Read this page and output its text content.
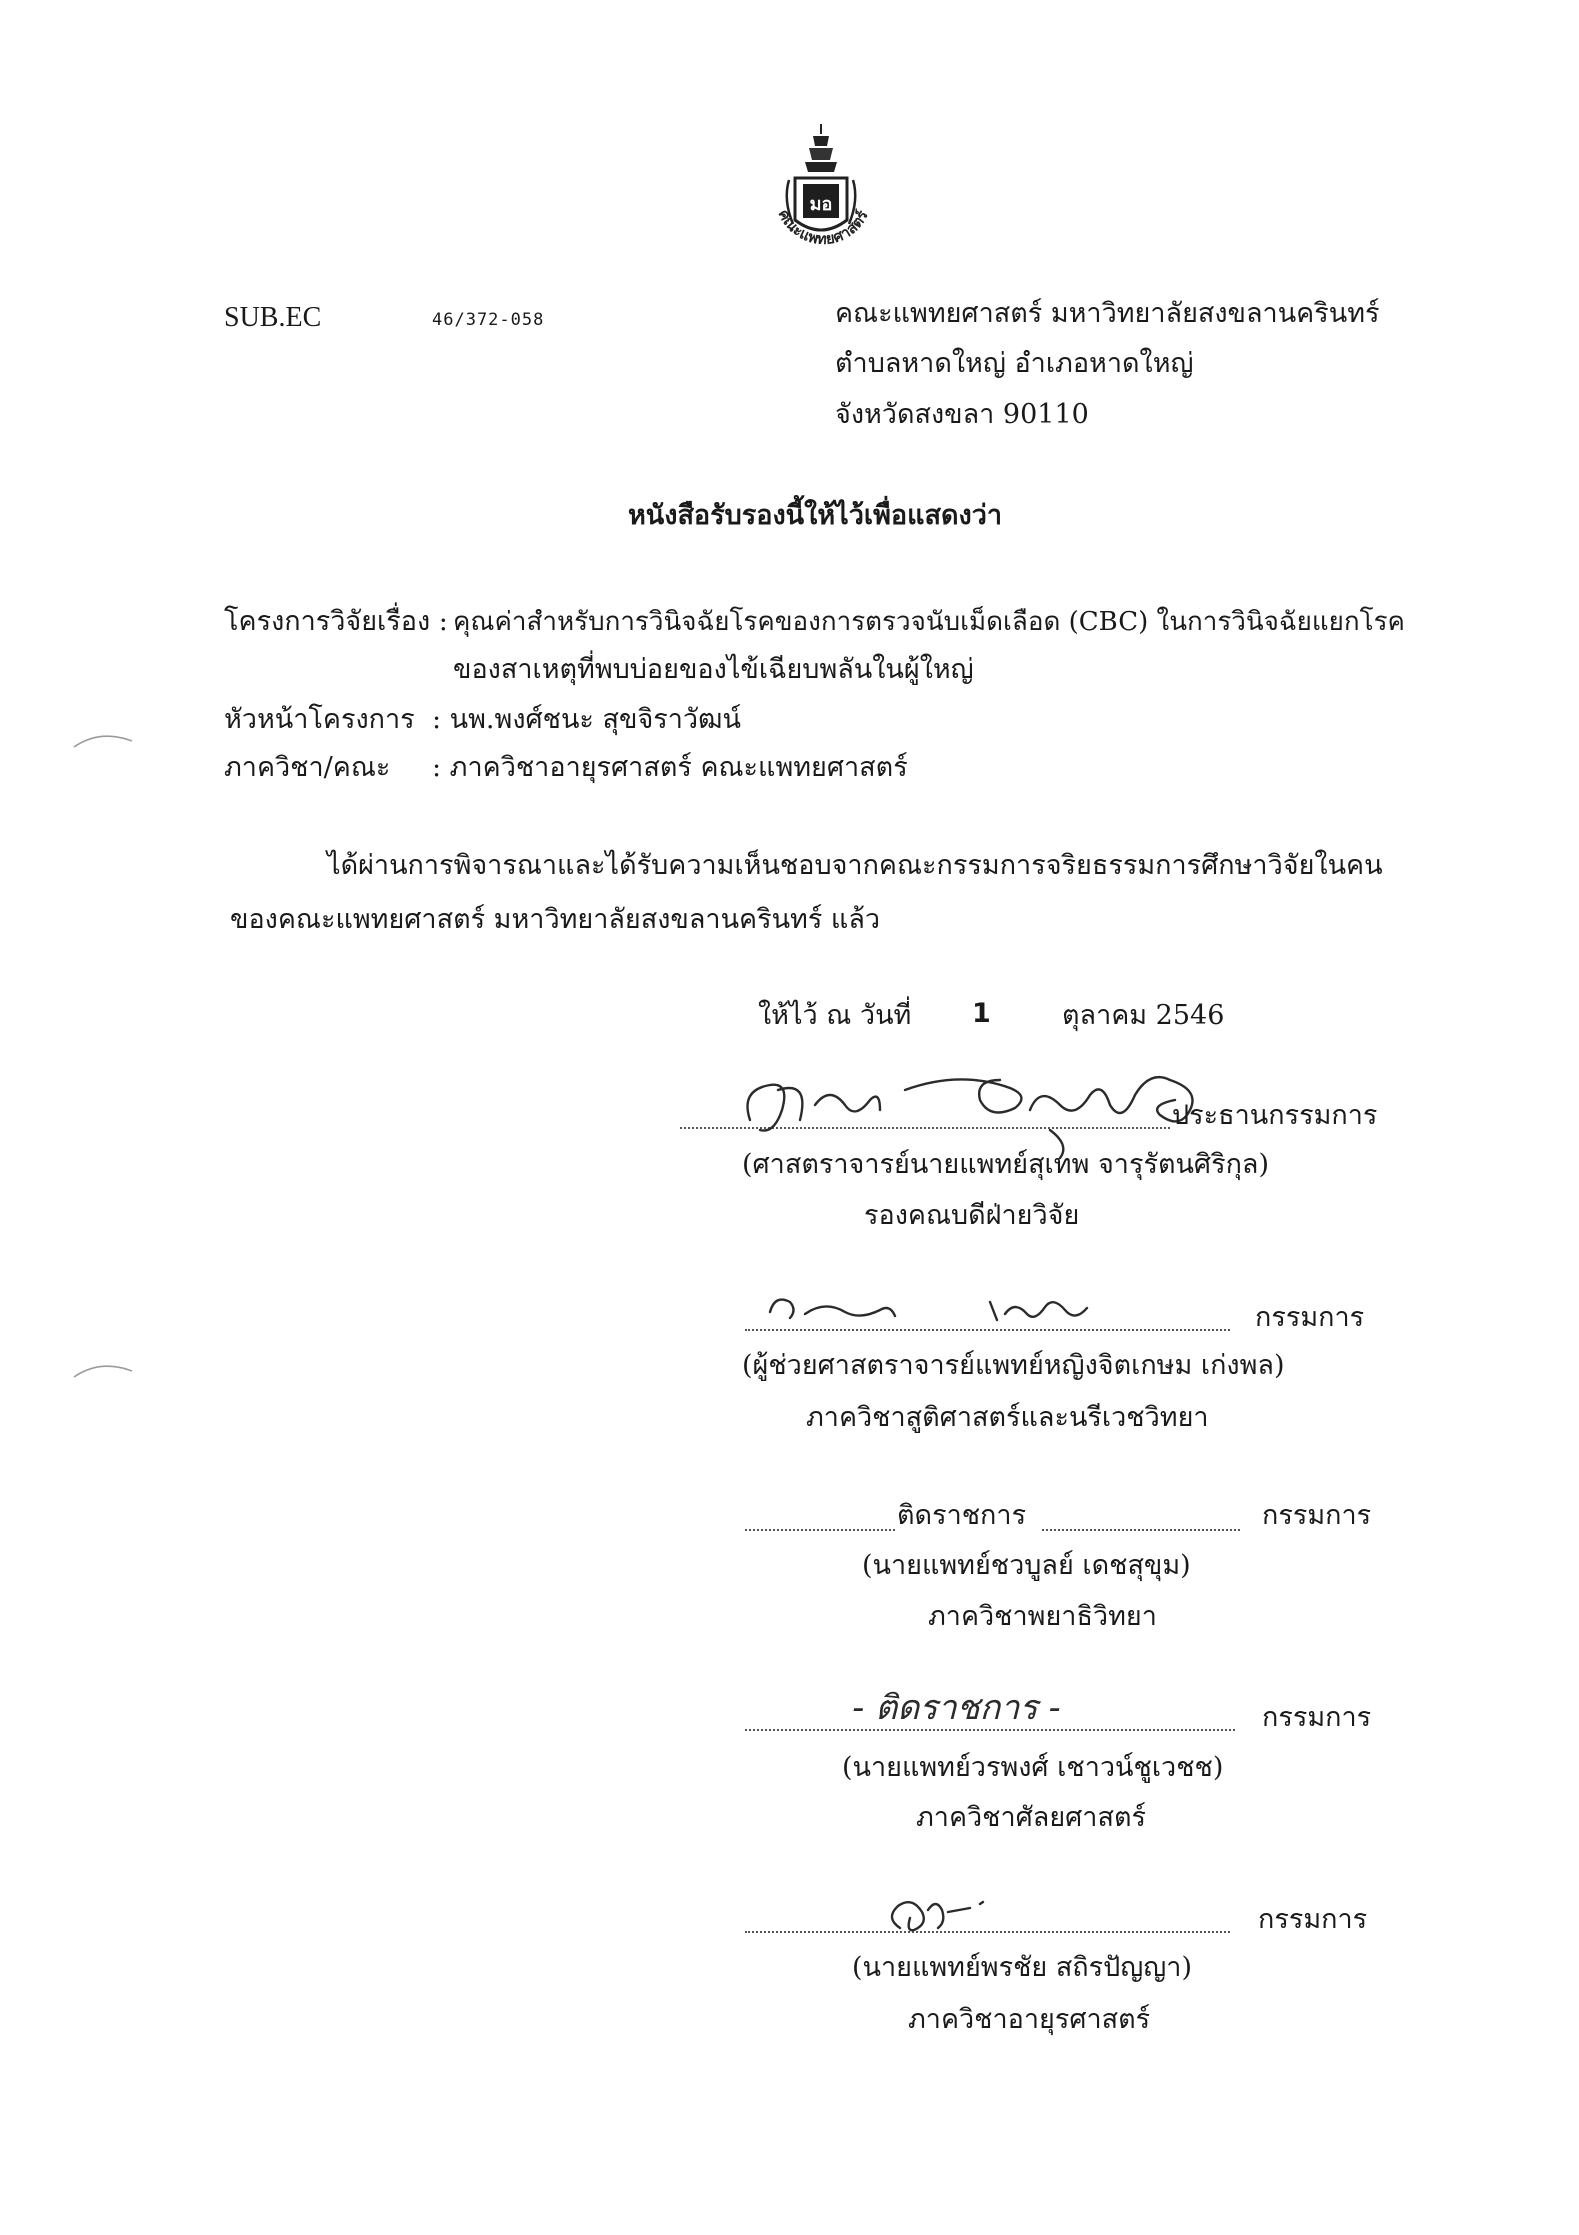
มอ
คณะแพทยศาสตร์
SUB.EC	46/372-058	คณะแพทยศาสตร์ มหาวิทยาลัยสงขลานครินทร์
ตำบลหาดใหญ่ อำเภอหาดใหญ่
จังหวัดสงขลา 90110
หนังสือรับรองนี้ให้ไว้เพื่อแสดงว่า
โครงการวิจัยเรื่อง : คุณค่าสำหรับการวินิจฉัยโรคของการตรวจนับเม็ดเลือด (CBC) ในการวินิจฉัยแยกโรค
ของสาเหตุที่พบบ่อยของไข้เฉียบพลันในผู้ใหญ่
หัวหน้าโครงการ : นพ.พงศ์ชนะ สุขจิราวัฒน์
ภาควิชา/คณะ : ภาควิชาอายุรศาสตร์ คณะแพทยศาสตร์
ได้ผ่านการพิจารณาและได้รับความเห็นชอบจากคณะกรรมการจริยธรรมการศึกษาวิจัยในคน
ของคณะแพทยศาสตร์ มหาวิทยาลัยสงขลานครินทร์ แล้ว
ให้ไว้ ณ วันที่ 1	ตุลาคม 2546
ประธานกรรมการ
(ศาสตราจารย์นายแพทย์สุเทพ จารุรัตนศิริกุล)
รองคณบดีฝ่ายวิจัย
กรรมการ
(ผู้ช่วยศาสตราจารย์แพทย์หญิงจิตเกษม เก่งพล)
ภาควิชาสูติศาสตร์และนรีเวชวิทยา
ติดราชการ	กรรมการ
(นายแพทย์ชวบูลย์ เดชสุขุม)
ภาควิชาพยาธิวิทยา
- ติดราชการ -	กรรมการ
(นายแพทย์วรพงศ์ เชาวน์ชูเวชช)
ภาควิชาศัลยศาสตร์
กรรมการ
(นายแพทย์พรชัย สถิรปัญญา)
ภาควิชาอายุรศาสตร์
